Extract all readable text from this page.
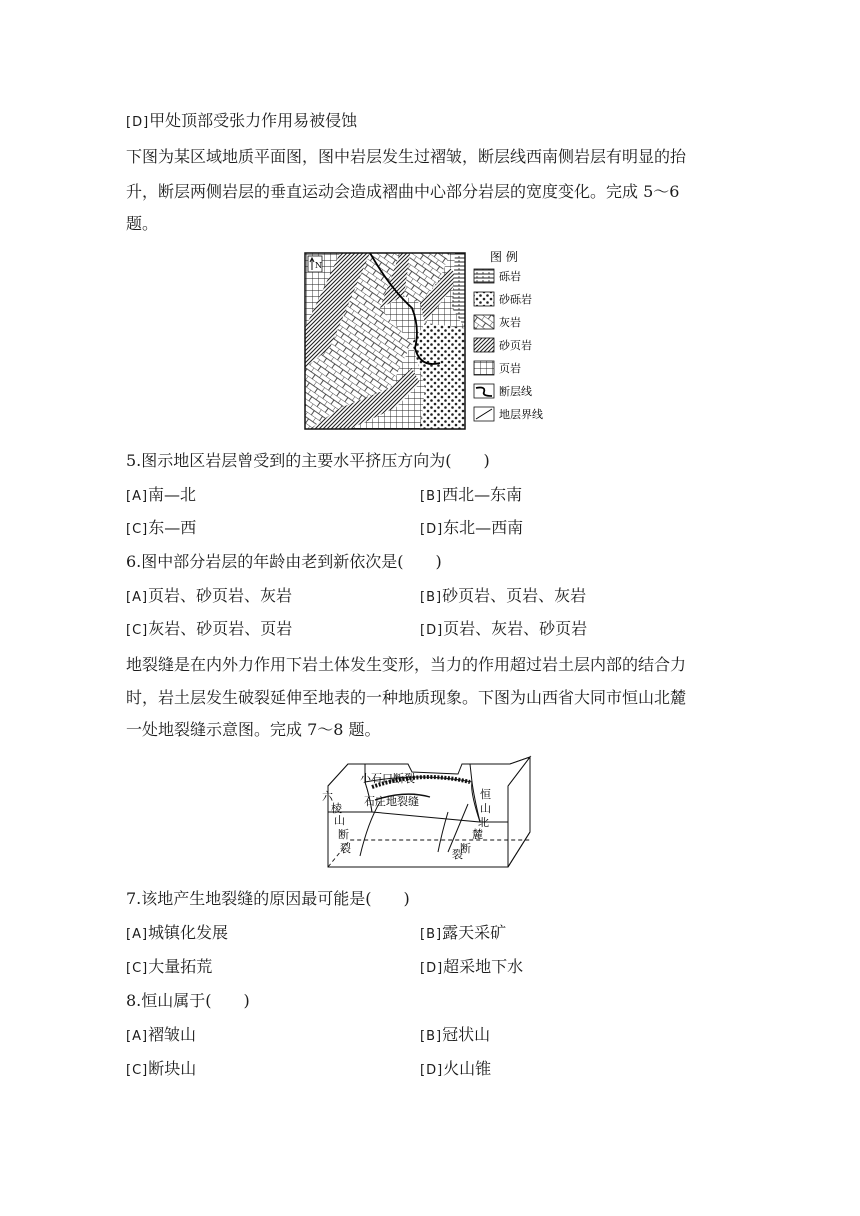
[D]甲处顶部受张力作用易被侵蚀
下图为某区域地质平面图，图中岩层发生过褶皱，断层线西南侧岩层有明显的抬
升，断层两侧岩层的垂直运动会造成褶曲中心部分岩层的宽度变化。完成 5～6
题。
N
图 例
砾岩
砂砾岩
灰岩
砂页岩
页岩
断层线
地层界线
5.图示地区岩层曾受到的主要水平挤压方向为(　　)
[A]南—北	[B]西北—东南
[C]东—西	[D]东北—西南
6.图中部分岩层的年龄由老到新依次是(　　)
[A]页岩、砂页岩、灰岩	[B]砂页岩、页岩、灰岩
[C]灰岩、砂页岩、页岩	[D]页岩、灰岩、砂页岩
地裂缝是在内外力作用下岩土体发生变形，当力的作用超过岩土层内部的结合力
时，岩土层发生破裂延伸至地表的一种地质现象。下图为山西省大同市恒山北麓
一处地裂缝示意图。完成 7～8 题。
小石口断裂
石庄地裂缝
六棱山断裂
恒山北麓断裂
7.该地产生地裂缝的原因最可能是(　　)
[A]城镇化发展	[B]露天采矿
[C]大量拓荒	[D]超采地下水
8.恒山属于(　　)
[A]褶皱山	[B]冠状山
[C]断块山	[D]火山锥
